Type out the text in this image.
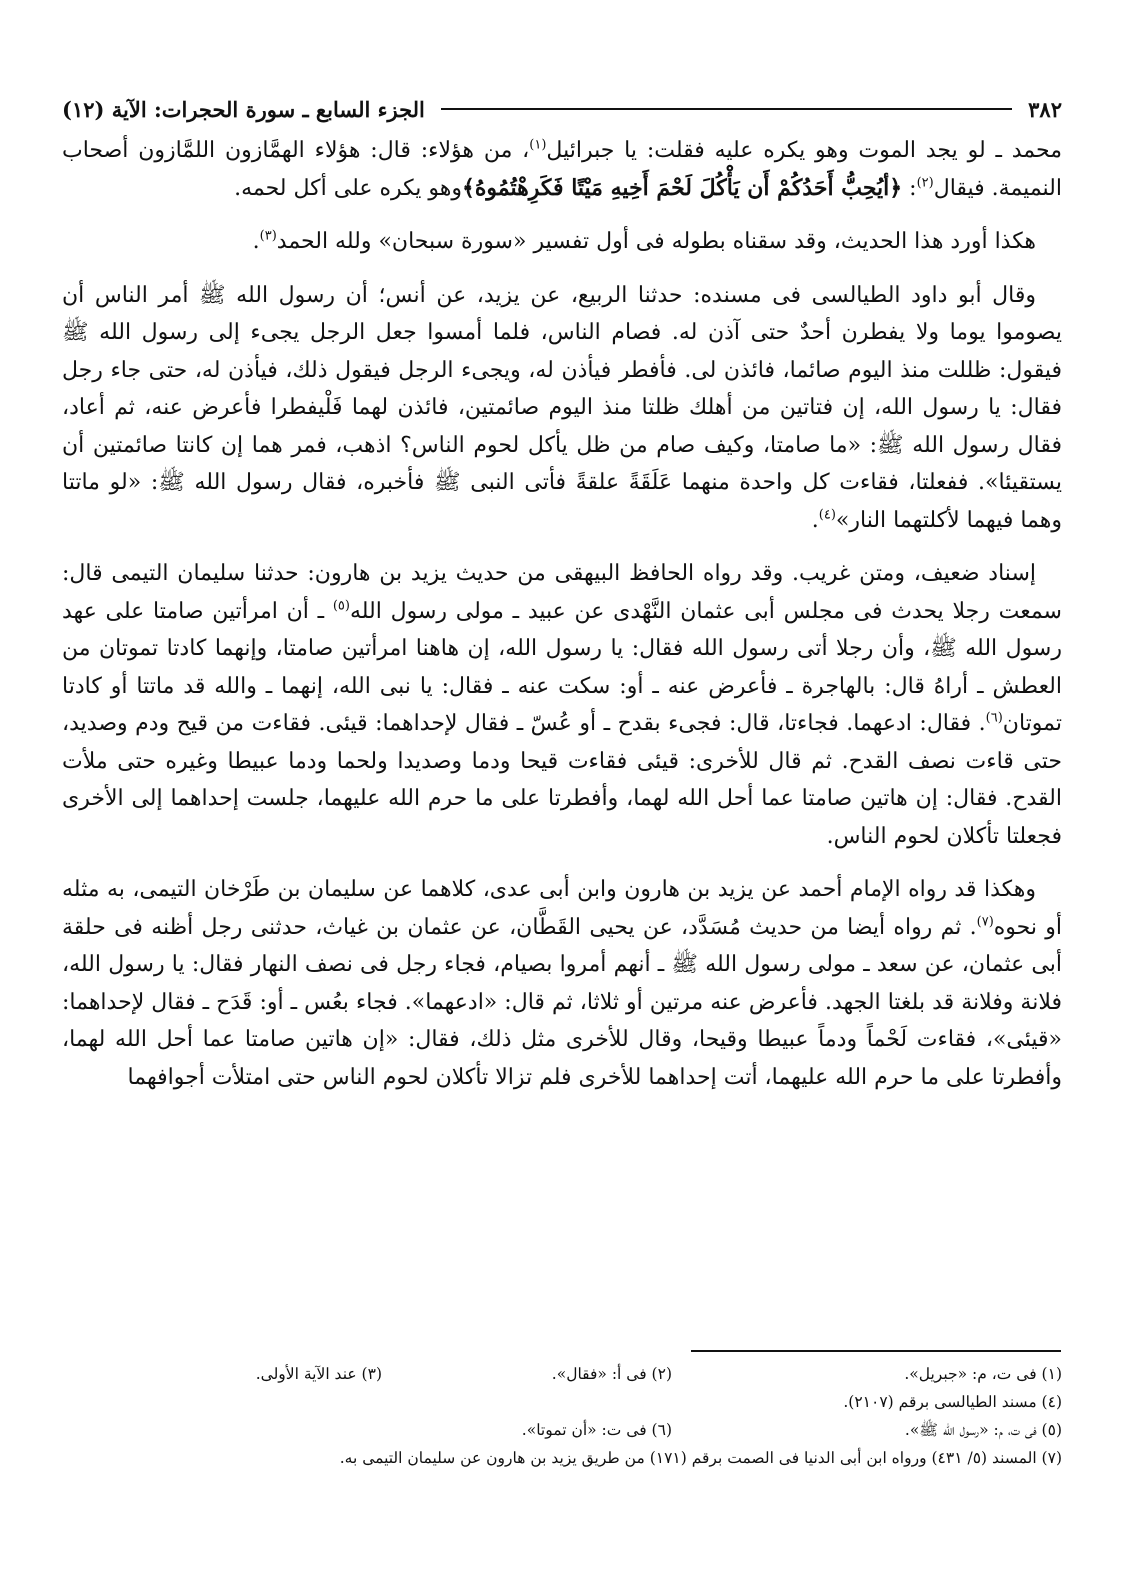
٣٨٢
الجزء السابع ـ سورة الحجرات: الآية (١٢)

محمد ـ لو يجد الموت وهو يكره عليه فقلت: يا جبرائيل$^{(١)}$، من هؤلاء: قال: هؤلاء الهمَّازون اللمَّازون أصحاب النميمة. فيقال$^{(٢)}$: ﴿أيُحِبُّ أَحَدُكُمْ أَن يَأْكُلَ لَحْمَ أَخِيهِ مَيْتًا فَكَرِهْتُمُوهُ﴾وهو يكره على أكل لحمه.

هكذا أورد هذا الحديث، وقد سقناه بطوله فى أول تفسير «سورة سبحان» ولله الحمد$^{(٣)}$.

وقال أبو داود الطيالسى فى مسنده: حدثنا الربيع، عن يزيد، عن أنس؛ أن رسول الله ﷺ أمر الناس أن يصوموا يوما ولا يفطرن أحدٌ حتى آذن له. فصام الناس، فلما أمسوا جعل الرجل يجىء إلى رسول الله ﷺ فيقول: ظللت منذ اليوم صائما، فائذن لى. فأفطر فيأذن له، ويجىء الرجل فيقول ذلك، فيأذن له، حتى جاء رجل فقال: يا رسول الله، إن فتاتين من أهلك ظلتا منذ اليوم صائمتين، فائذن لهما فَلْيفطرا فأعرض عنه، ثم أعاد، فقال رسول الله ﷺ: «ما صامتا، وكيف صام من ظل يأكل لحوم الناس؟ اذهب، فمر هما إن كانتا صائمتين أن يستقيئا». ففعلتا، فقاءت كل واحدة منهما عَلَقَةً علقةً فأتى النبى ﷺ فأخبره، فقال رسول الله ﷺ: «لو ماتتا وهما فيهما لأكلتهما النار»$^{(٤)}$.

إسناد ضعيف، ومتن غريب. وقد رواه الحافظ البيهقى من حديث يزيد بن هارون: حدثنا سليمان التيمى قال: سمعت رجلا يحدث فى مجلس أبى عثمان النَّهْدى عن عبيد ـ مولى رسول الله$^{(٥)}$ ـ أن امرأتين صامتا على عهد رسول الله ﷺ، وأن رجلا أتى رسول الله فقال: يا رسول الله، إن هاهنا امرأتين صامتا، وإنهما كادتا تموتان من العطش ـ أراهُ قال: بالهاجرة ـ فأعرض عنه ـ أو: سكت عنه ـ فقال: يا نبى الله، إنهما ـ والله قد ماتتا أو كادتا تموتان$^{(٦)}$. فقال: ادعهما. فجاءتا، قال: فجىء بقدح ـ أو عُسّ ـ فقال لإحداهما: قيئى. فقاءت من قيح ودم وصديد، حتى قاءت نصف القدح. ثم قال للأخرى: قيئى فقاءت قيحا ودما وصديدا ولحما ودما عبيطا وغيره حتى ملأت القدح. فقال: إن هاتين صامتا عما أحل الله لهما، وأفطرتا على ما حرم الله عليهما، جلست إحداهما إلى الأخرى فجعلتا تأكلان لحوم الناس.

وهكذا قد رواه الإمام أحمد عن يزيد بن هارون وابن أبى عدى، كلاهما عن سليمان بن طَرْخان التيمى، به مثله أو نحوه$^{(٧)}$. ثم رواه أيضا من حديث مُسَدَّد، عن يحيى القَطَّان، عن عثمان بن غياث، حدثنى رجل أظنه فى حلقة أبى عثمان، عن سعد ـ مولى رسول الله ﷺ ـ أنهم أمروا بصيام، فجاء رجل فى نصف النهار فقال: يا رسول الله، فلانة وفلانة قد بلغتا الجهد. فأعرض عنه مرتين أو ثلاثا، ثم قال: «ادعهما». فجاء بعُس ـ أو: قَدَح ـ فقال لإحداهما: «قيئى»، فقاءت لَحْماً ودماً عبيطا وقيحا، وقال للأخرى مثل ذلك، فقال: «إن هاتين صامتا عما أحل الله لهما، وأفطرتا على ما حرم الله عليهما، أتت إحداهما للأخرى فلم تزالا تأكلان لحوم الناس حتى امتلأت أجوافهما

(١) فى ت، م: «جبريل».
(٢) فى أ: «فقال».
(٣) عند الآية الأولى.
(٤) مسند الطيالسى برقم (٢١٠٧).
(٥) فى ت، م: «رسول الله ﷺ».
(٦) فى ت: «أن تموتا».
(٧) المسند (٥/ ٤٣١) ورواه ابن أبى الدنيا فى الصمت برقم (١٧١) من طريق يزيد بن هارون عن سليمان التيمى به.
